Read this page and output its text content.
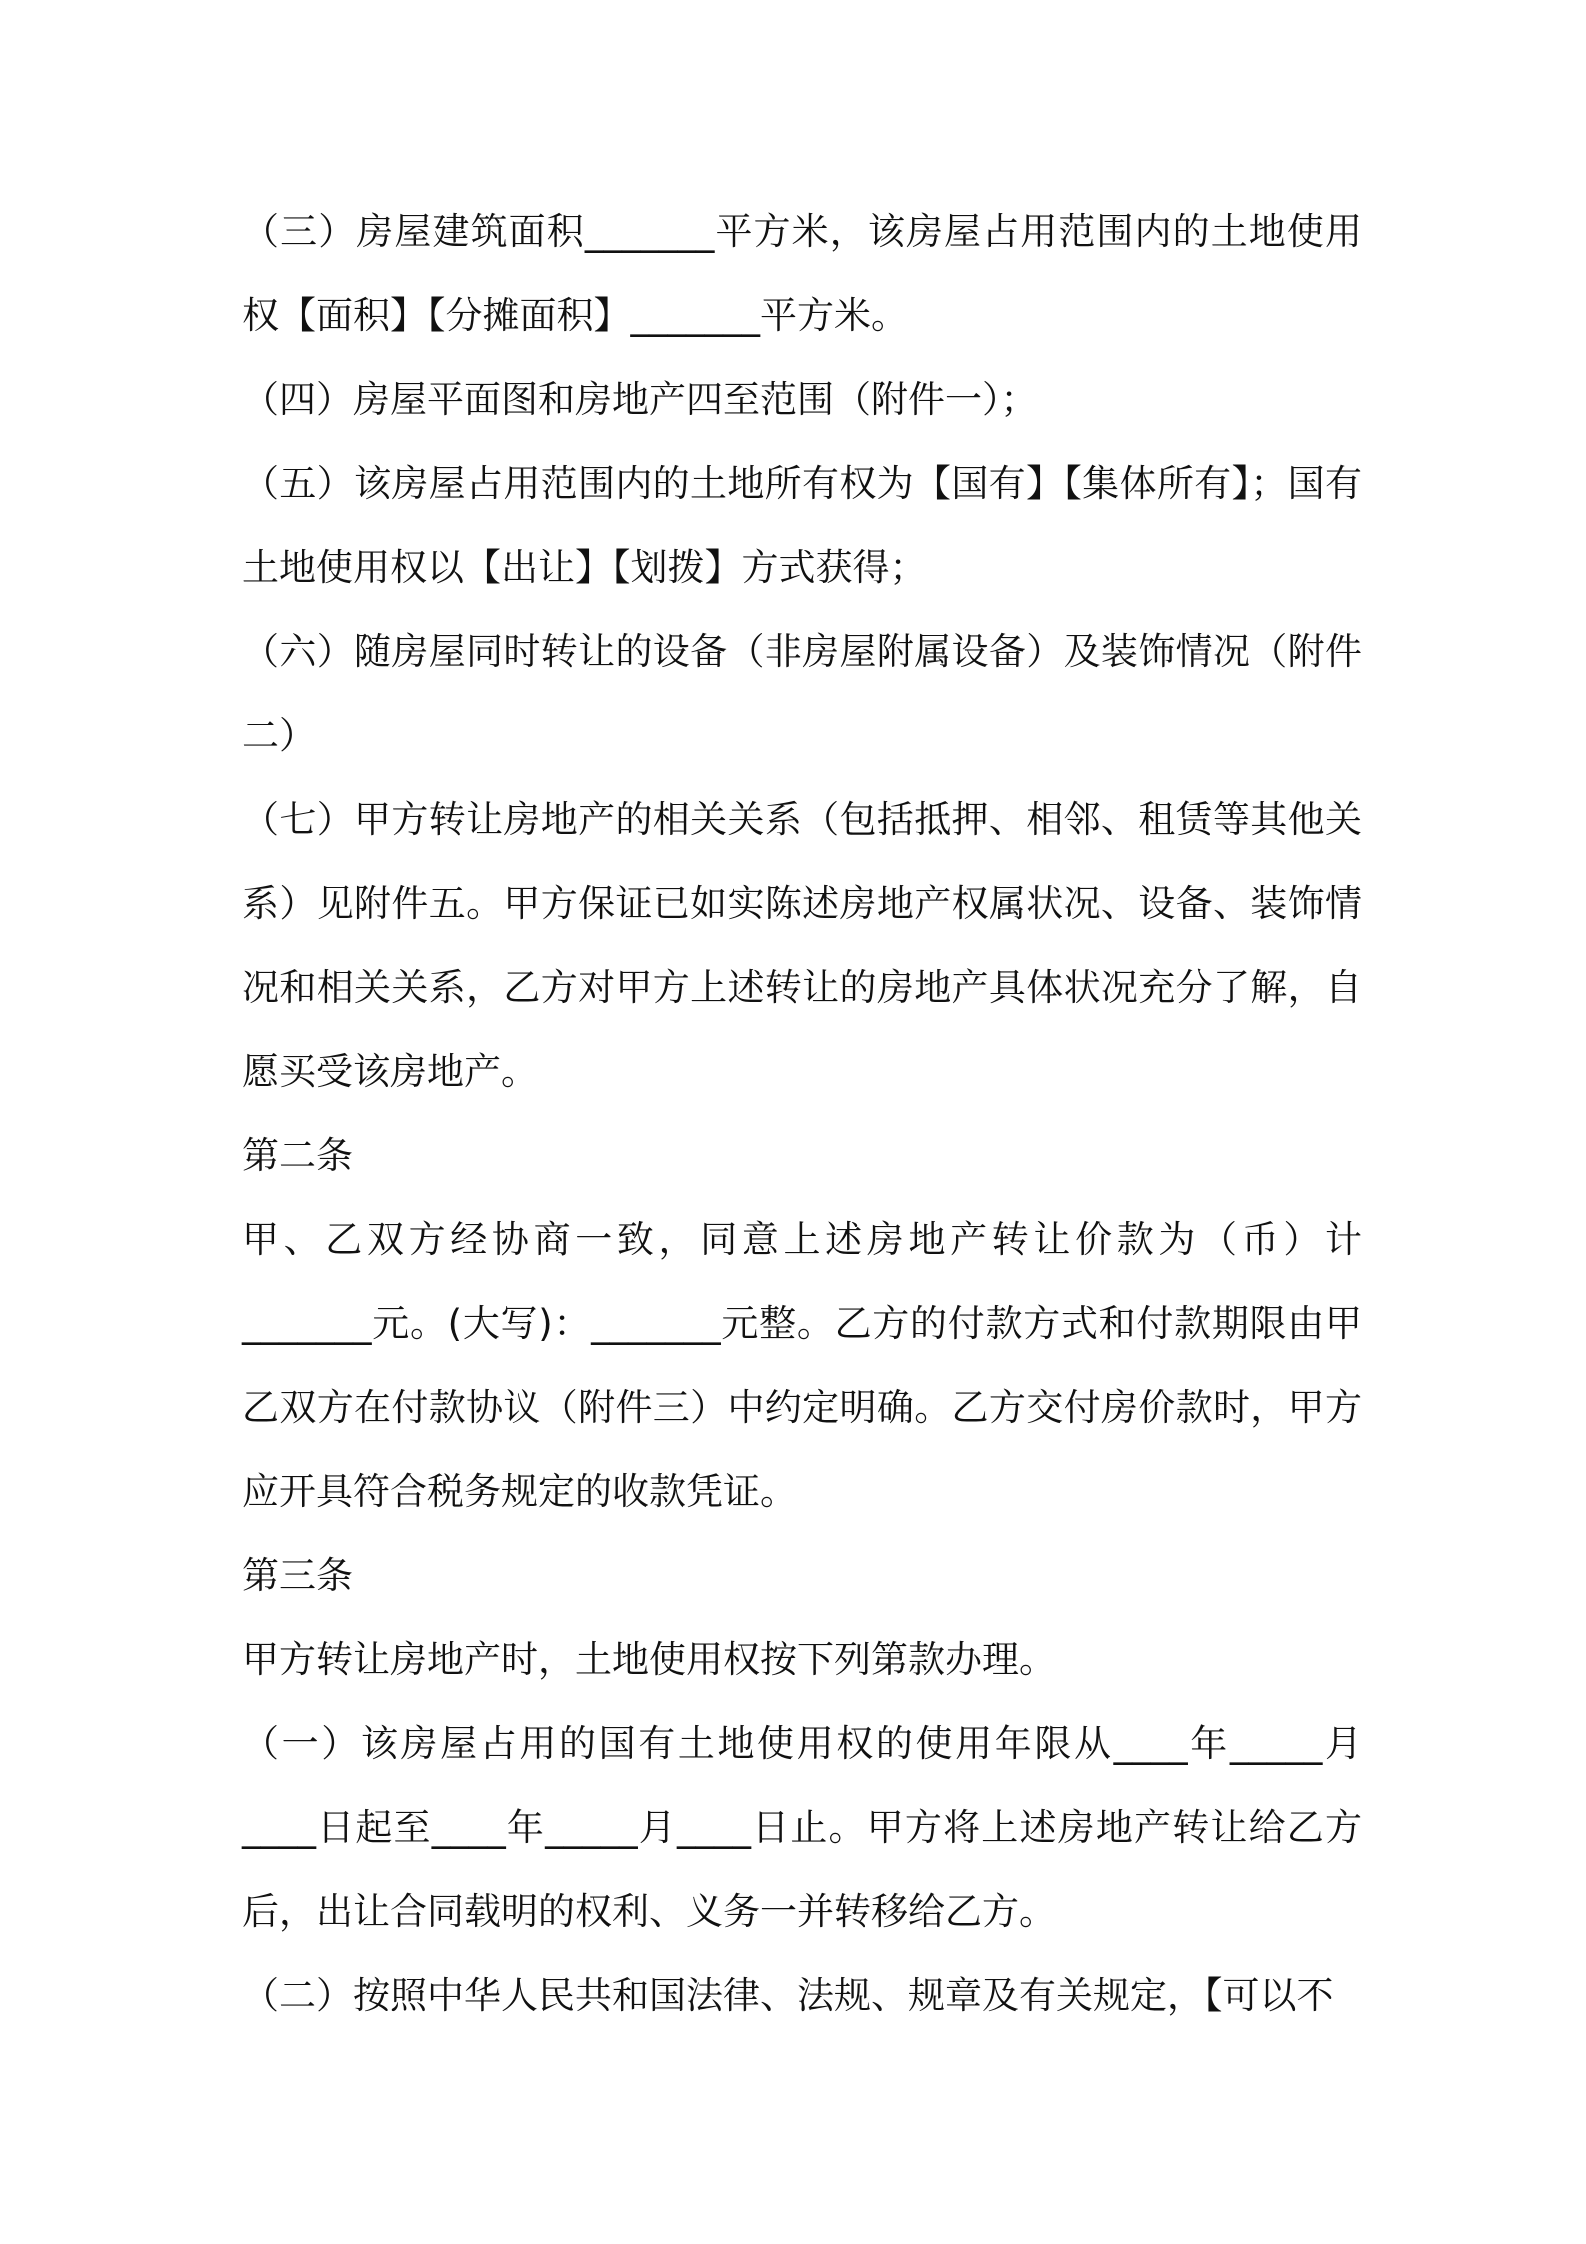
（三）房屋建筑面积_______平方米，该房屋占用范围内的土地使用权【面积】【分摊面积】_______平方米。

（四）房屋平面图和房地产四至范围（附件一）；

（五）该房屋占用范围内的土地所有权为【国有】【集体所有】；国有土地使用权以【出让】【划拨】方式获得；

（六）随房屋同时转让的设备（非房屋附属设备）及装饰情况（附件二）

（七）甲方转让房地产的相关关系（包括抵押、相邻、租赁等其他关系）见附件五。甲方保证已如实陈述房地产权属状况、设备、装饰情况和相关关系，乙方对甲方上述转让的房地产具体状况充分了解，自愿买受该房地产。

第二条

甲、乙双方经协商一致，同意上述房地产转让价款为（币）计_______元。(大写)：_______元整。乙方的付款方式和付款期限由甲乙双方在付款协议（附件三）中约定明确。乙方交付房价款时，甲方应开具符合税务规定的收款凭证。

第三条

甲方转让房地产时，土地使用权按下列第款办理。

（一）该房屋占用的国有土地使用权的使用年限从____年_____月____日起至____年_____月____日止。甲方将上述房地产转让给乙方后，出让合同载明的权利、义务一并转移给乙方。

（二）按照中华人民共和国法律、法规、规章及有关规定，【可以不
